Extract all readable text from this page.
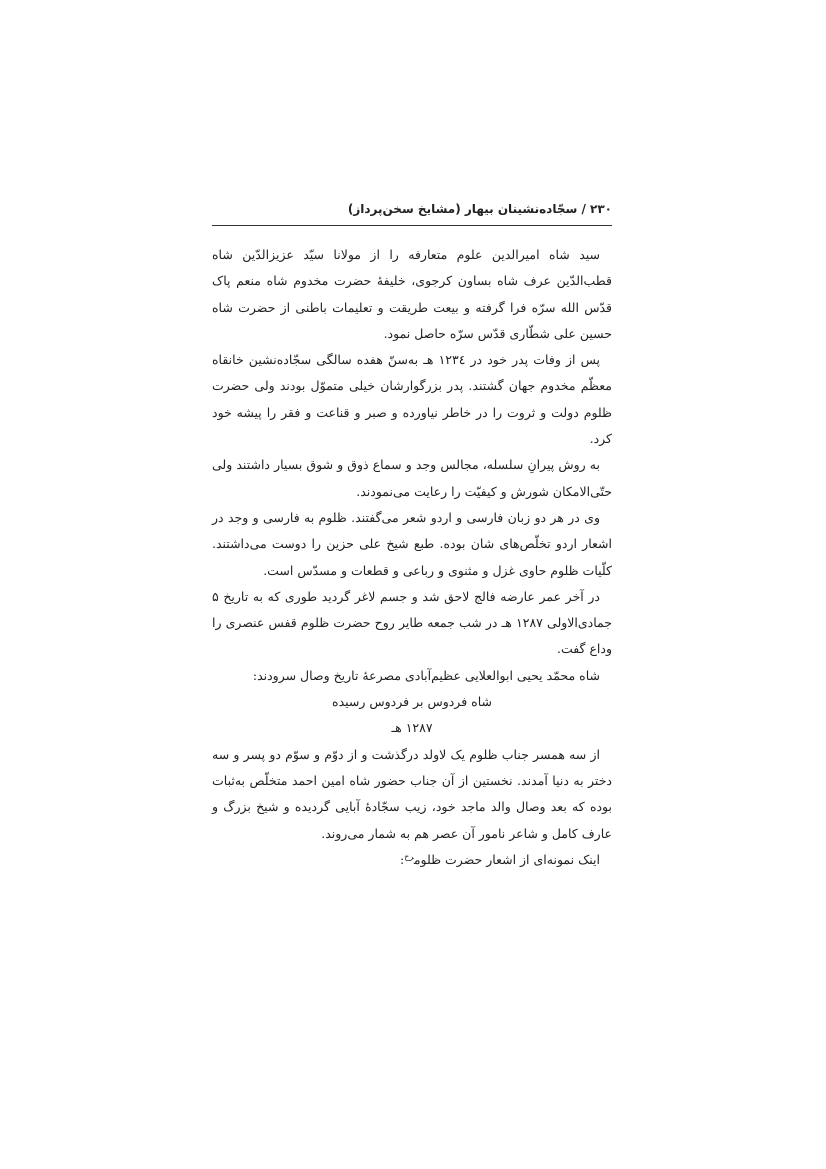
۲۳۰ / سجّاده‌نشینان بیهار (مشایخ سخن‌پرداز)

سید شاه امیرالدین علوم متعارفه را از مولانا سیّد عزیزالدّین شاه قطب‌الدّین عرف شاه بساون کرجوی، خلیفهٔ حضرت مخدوم شاه منعم پاک قدّس الله سرّه فرا گرفته و بیعت طریقت و تعلیمات باطنی از حضرت شاه حسین علی شطّاری قدّس سرّه حاصل نمود.

پس از وفات پدر خود در ۱۲۳٤ هـ به‌سنّ هفده سالگی سجّاده‌نشین خانقاه معظّم مخدوم جهان گشتند. پدر بزرگوارشان خیلی متموّل بودند ولی حضرت ظلوم دولت و ثروت را در خاطر نیاورده و صبر و قناعت و فقر را پیشه خود کرد.

به روش پیرانِ سلسله، مجالس وجد و سماع ذوق و شوق بسیار داشتند ولی حتّی‌الامکان شورش و کیفیّت را رعایت می‌نمودند.

وی در هر دو زبان فارسی و اردو شعر می‌گفتند. ظلوم به فارسی و وجد در اشعار اردو تخلّص‌های شان بوده. طبع شیخ علی حزین را دوست می‌داشتند. کلّیات ظلوم حاوی غزل و مثنوی و رباعی و قطعات و مسدّس است.

در آخر عمر عارضه فالج لاحق شد و جسم لاغر گردید طوری که به تاریخ ۵ جمادی‌الاولی ۱۲۸۷ هـ در شب جمعه طایر روح حضرت ظلوم قفس عنصری را وداع گفت.

شاه محمّد یحیی ابوالعلایی عظیم‌آبادی مصرعهٔ تاریخ وصال سرودند:

شاه فردوس بر فردوس رسیده

۱۲۸۷ هـ

از سه همسر جناب ظلوم یک لاولد درگذشت و از دوّم و سوّم دو پسر و سه دختر به دنیا آمدند. نخستین از آن جناب حضور شاه امین احمد متخلّص به‌ثبات بوده که بعد وصال والد ماجد خود، زیب سجّادهٔ آبایی گردیده و شیخ بزرگ و عارف کامل و شاعر نامور آن عصر هم به شمار می‌روند.

اینک نمونه‌ای از اشعار حضرت ظلوم$^{رح}$:
